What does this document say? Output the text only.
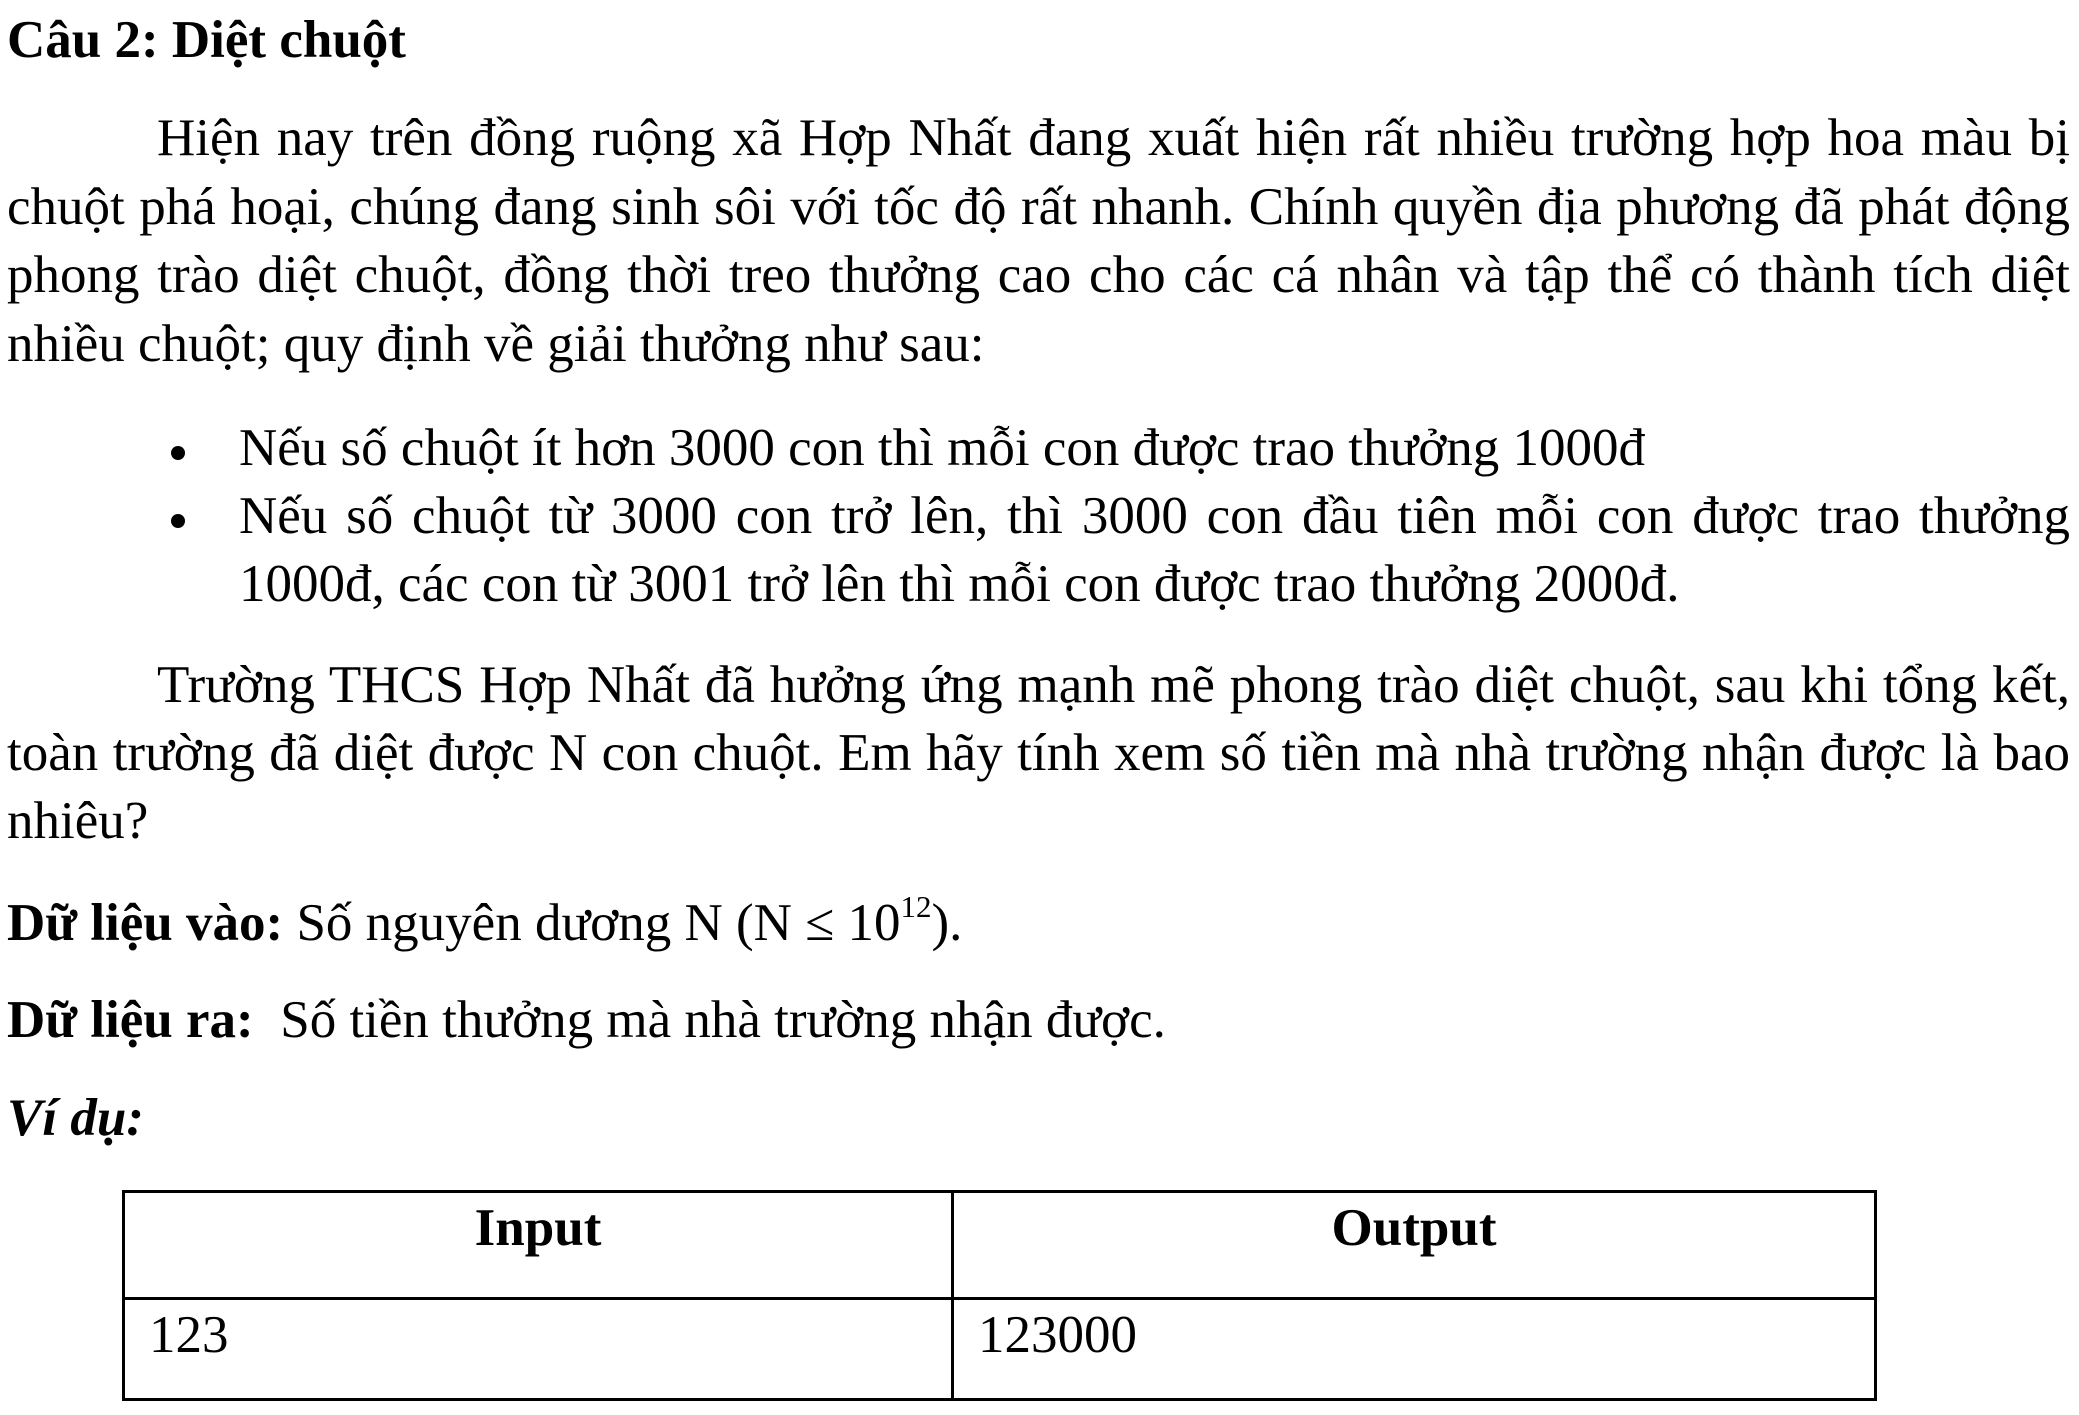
Câu 2: Diệt chuột
Hiện nay trên đồng ruộng xã Hợp Nhất đang xuất hiện rất nhiều trường hợp hoa màu bị
chuột phá hoại, chúng đang sinh sôi với tốc độ rất nhanh. Chính quyền địa phương đã phát động
phong trào diệt chuột, đồng thời treo thưởng cao cho các cá nhân và tập thể có thành tích diệt
nhiều chuột; quy định về giải thưởng như sau:
Nếu số chuột ít hơn 3000 con thì mỗi con được trao thưởng 1000đ
Nếu số chuột từ 3000 con trở lên, thì 3000 con đầu tiên mỗi con được trao thưởng
1000đ, các con từ 3001 trở lên thì mỗi con được trao thưởng 2000đ.
Trường THCS Hợp Nhất đã hưởng ứng mạnh mẽ phong trào diệt chuột, sau khi tổng kết,
toàn trường đã diệt được N con chuột. Em hãy tính xem số tiền mà nhà trường nhận được là bao
nhiêu?
Dữ liệu vào: Số nguyên dương N $(N \le 10^{12})$.
Dữ liệu ra:  Số tiền thưởng mà nhà trường nhận được.
Ví dụ:
Input	Output
123	123000
